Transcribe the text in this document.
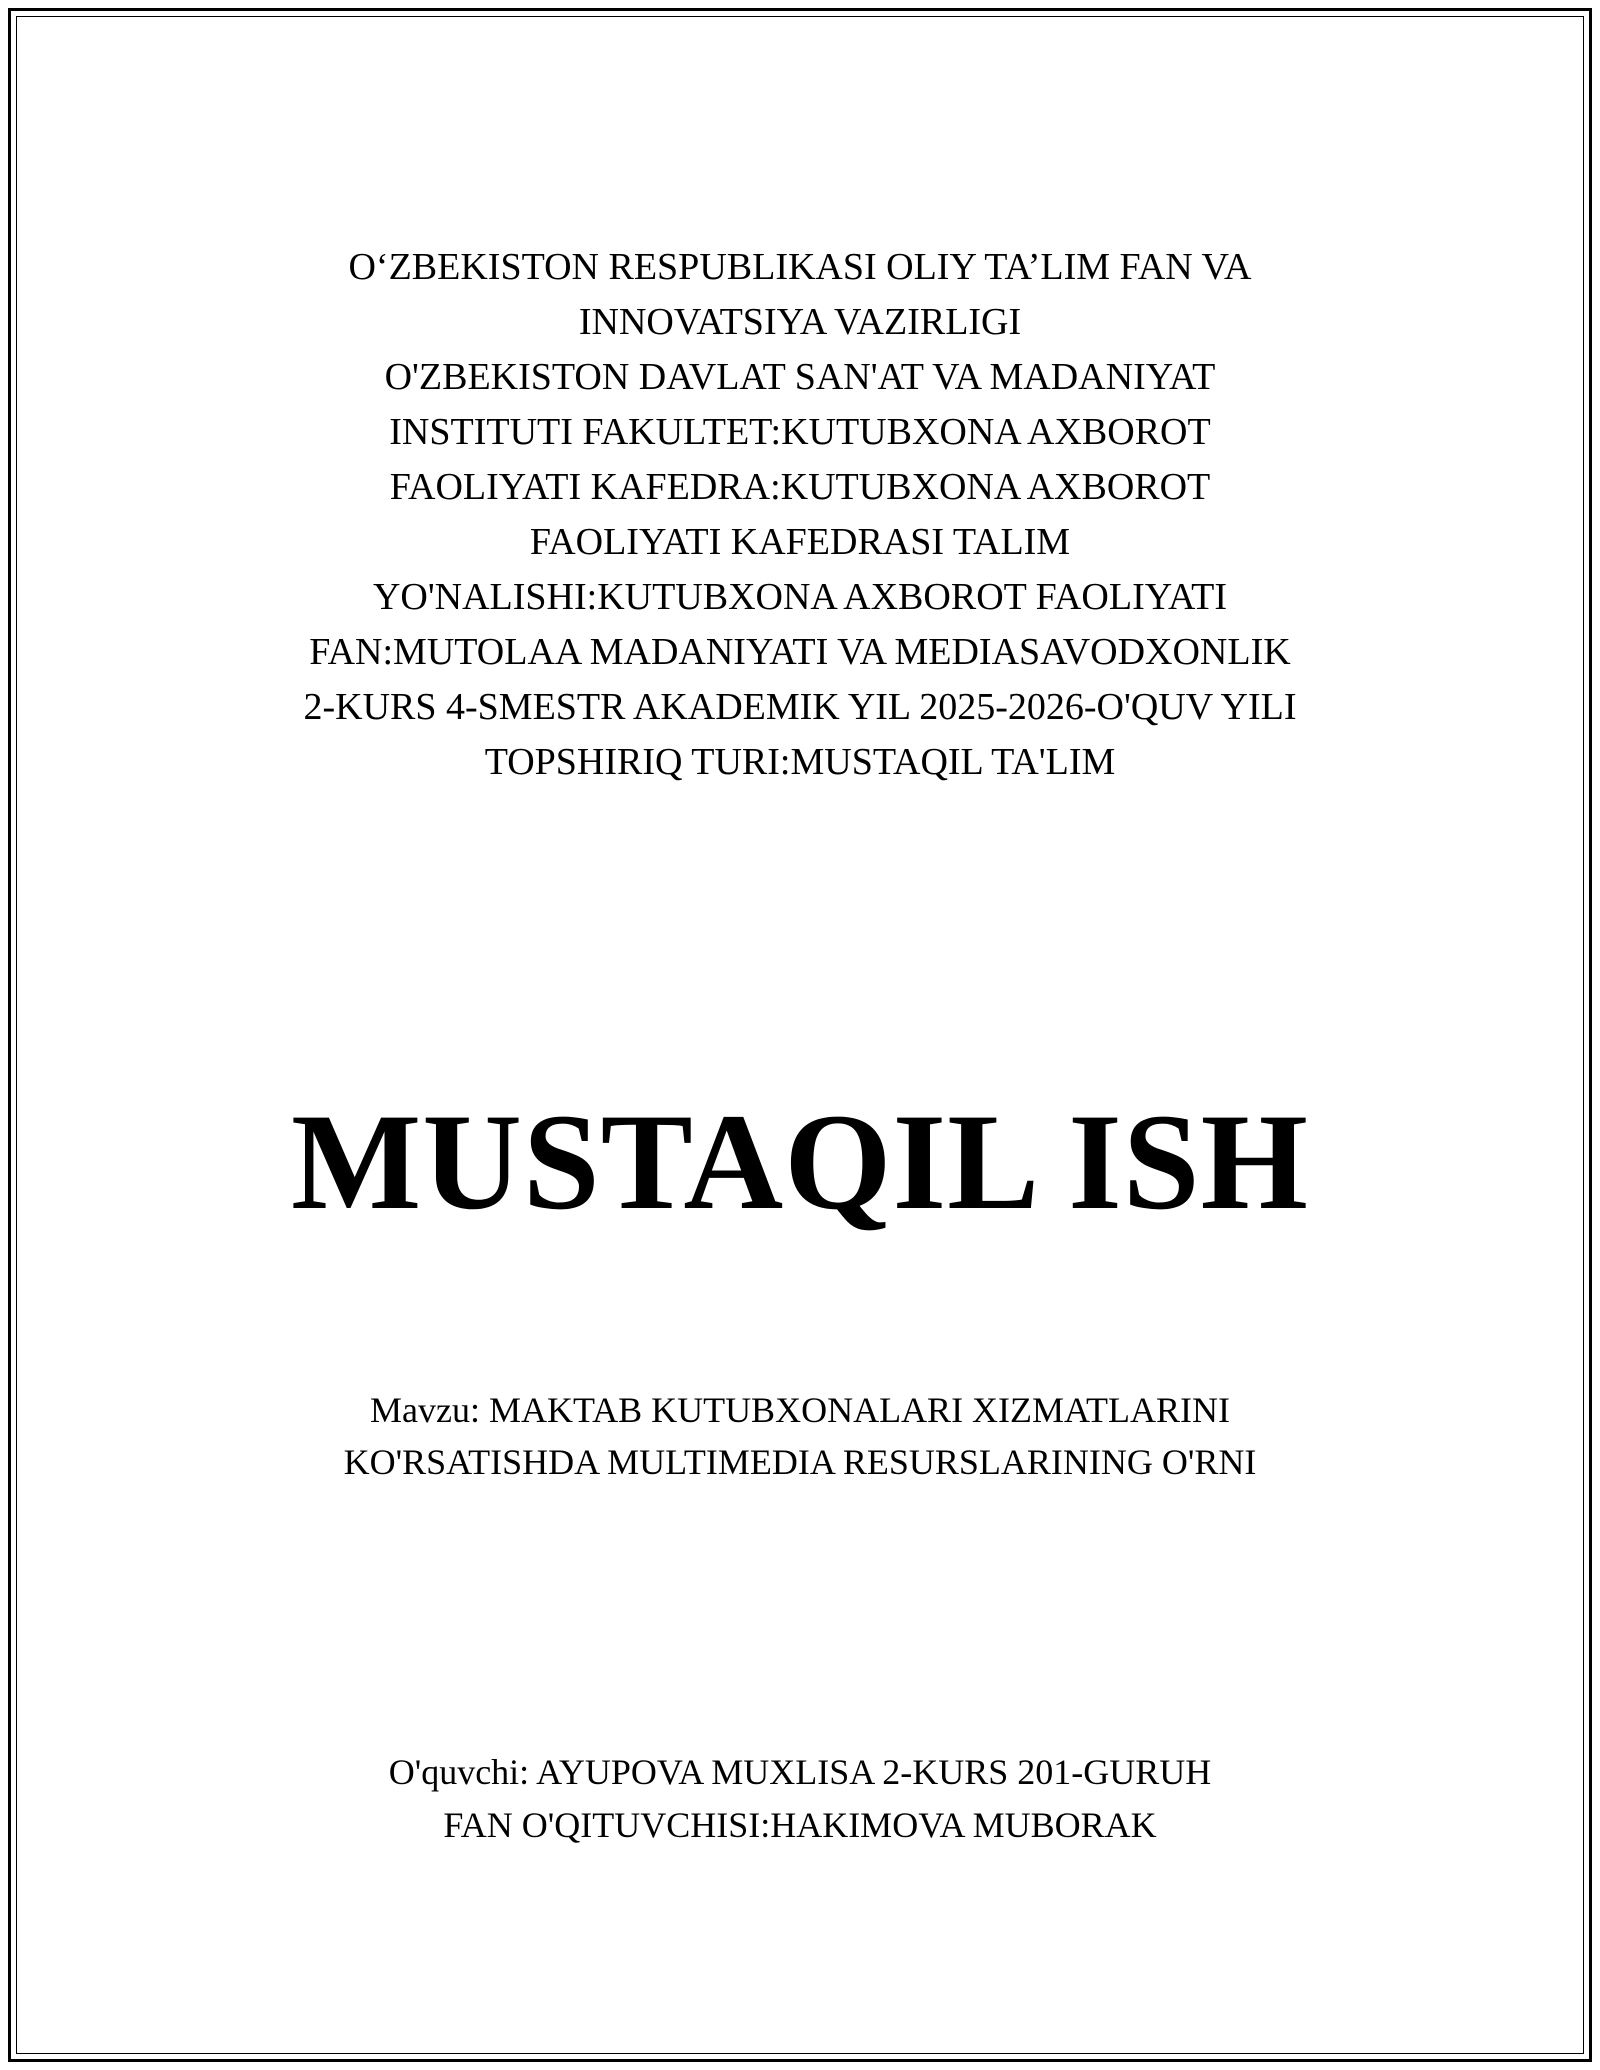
O‘ZBEKISTON RESPUBLIKASI OLIY TA’LIM FAN VA
INNOVATSIYA VAZIRLIGI
O'ZBEKISTON DAVLAT SAN'AT VA MADANIYAT
INSTITUTI FAKULTET:KUTUBXONA AXBOROT
FAOLIYATI KAFEDRA:KUTUBXONA AXBOROT
FAOLIYATI KAFEDRASI TALIM
YO'NALISHI:KUTUBXONA AXBOROT FAOLIYATI
FAN:MUTOLAA MADANIYATI VA MEDIASAVODXONLIK
2-KURS 4-SMESTR AKADEMIK YIL 2025-2026-O'QUV YILI
TOPSHIRIQ TURI:MUSTAQIL TA'LIM
MUSTAQIL ISH
Mavzu: MAKTAB KUTUBXONALARI XIZMATLARINI
KO'RSATISHDA MULTIMEDIA RESURSLARINING O'RNI
O'quvchi: AYUPOVA MUXLISA 2-KURS 201-GURUH
FAN O'QITUVCHISI:HAKIMOVA MUBORAK
